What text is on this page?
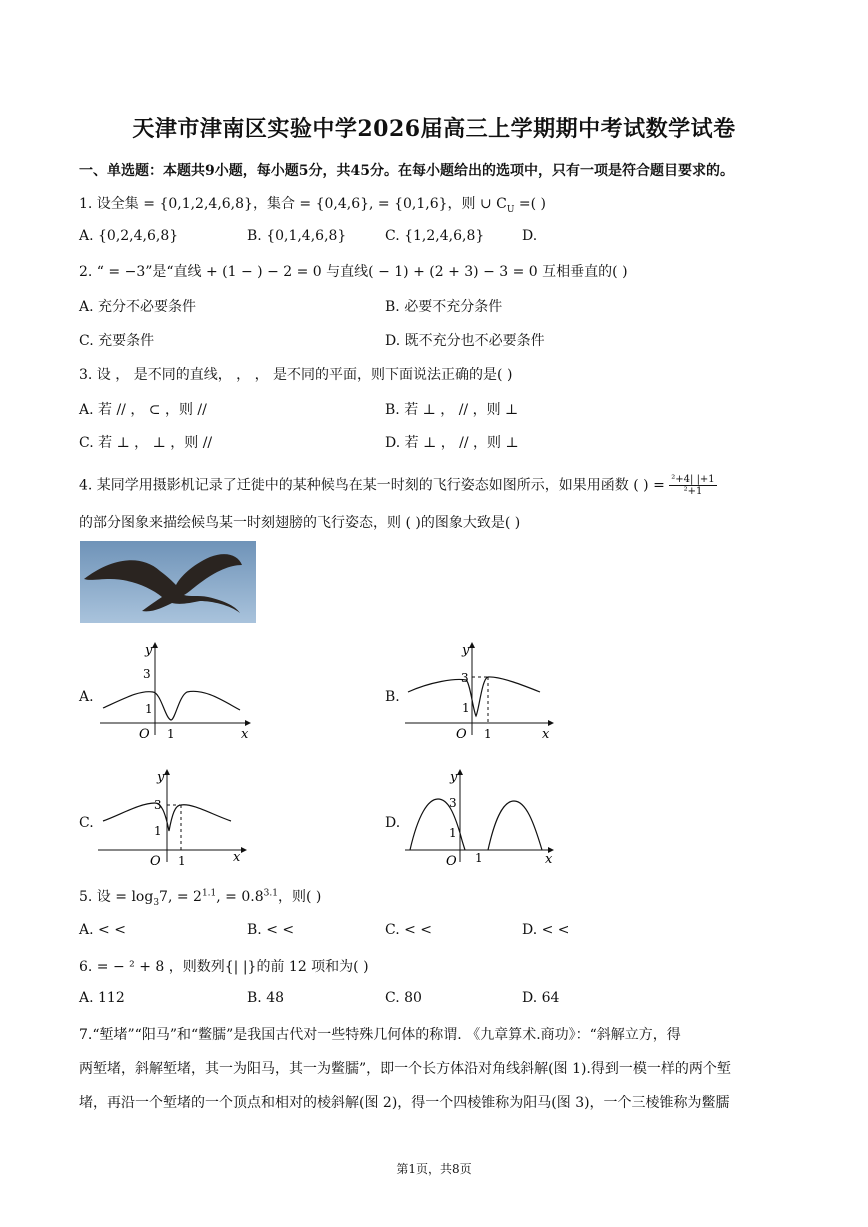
天津市津南区实验中学2026届高三上学期期中考试数学试卷
一、单选题：本题共9小题，每小题5分，共45分。在每小题给出的选项中，只有一项是符合题目要求的。
1. 设全集 = {0,1,2,4,6,8}，集合 = {0,4,6}, = {0,1,6}，则 ∪ $C_U$ =( )
A. {0,2,4,6,8}	B. {0,1,4,6,8}	C. {1,2,4,6,8}	D.
2. “ = −3”是“直线 + (1 − ) − 2 = 0 与直线( − 1) + (2 + 3) − 3 = 0 互相垂直的( )
A. 充分不必要条件	B. 必要不充分条件
C. 充要条件	D. 既不充分也不必要条件
3. 设 ， 是不同的直线， ， ， 是不同的平面，则下面说法正确的是( )
A. 若 // ， ⊂ ，则 //	B. 若 ⊥ ， // ，则 ⊥
C. 若 ⊥ ， ⊥ ，则 //	D. 若 ⊥ ， // ，则 ⊥
4. 某同学用摄影机记录了迁徙中的某种候鸟在某一时刻的飞行姿态如图所示，如果用函数 ( ) = $\frac{\text{²+4| |+1}}{\text{²+1}}$
的部分图象来描绘候鸟某一时刻翅膀的飞行姿态，则 ( )的图象大致是( )
A.
3
1
O 1
y
x
B.
3
1
O 1
y
x
C.
3
1
O 1
y
x
D.
3
1
O 1
y
x
5. 设 = $\log_37$, = $2^{1.1}$, = $0.8^{3.1}$，则( )
A. < <	B. < <	C. < <	D. < <
6. = − ² + 8 ，则数列{| |}的前 12 项和为( )
A. 112	B. 48	C. 80	D. 64
7.“堑堵”“阳马”和“鳖臑”是我国古代对一些特殊几何体的称谓. 《九章算术.商功》：“斜解立方，得
两堑堵，斜解堑堵，其一为阳马，其一为鳖臑”，即一个长方体沿对角线斜解(图 1).得到一模一样的两个堑
堵，再沿一个堑堵的一个顶点和相对的棱斜解(图 2)，得一个四棱锥称为阳马(图 3)，一个三棱锥称为鳖臑
第1页，共8页
